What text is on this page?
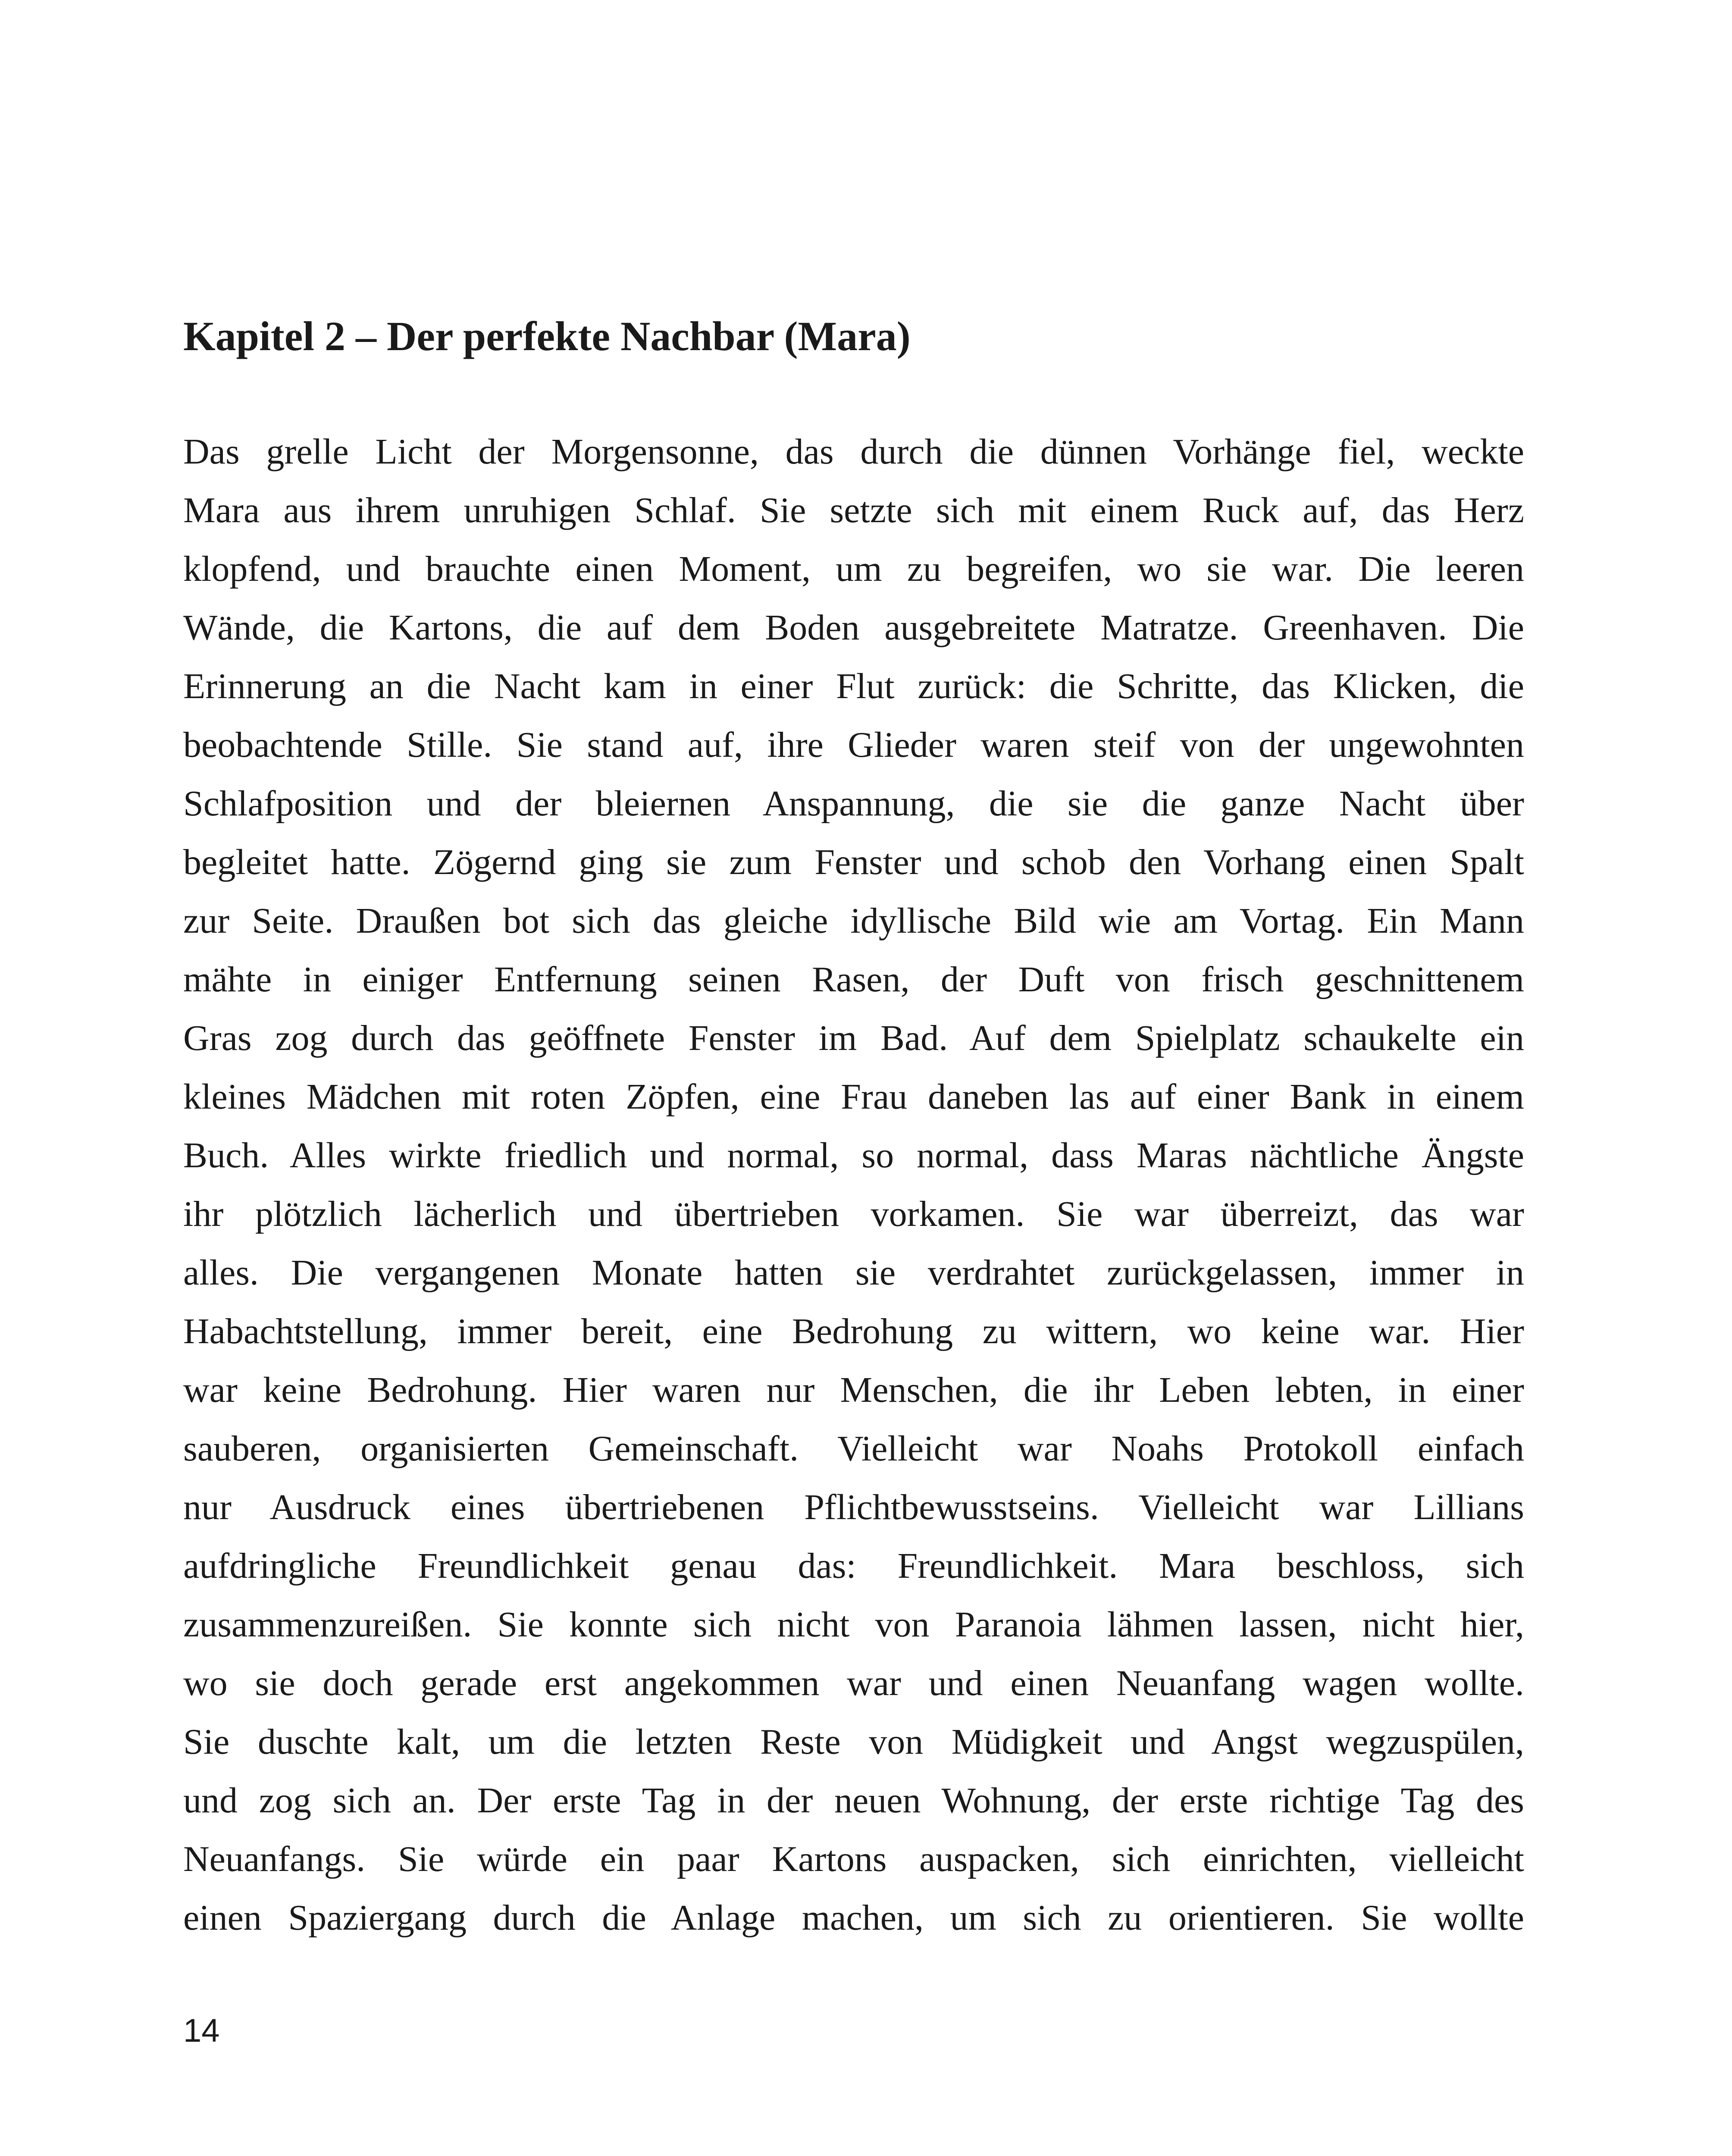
Kapitel 2 – Der perfekte Nachbar (Mara)
Das grelle Licht der Morgensonne, das durch die dünnen Vorhänge fiel, weckte
Mara aus ihrem unruhigen Schlaf. Sie setzte sich mit einem Ruck auf, das Herz
klopfend, und brauchte einen Moment, um zu begreifen, wo sie war. Die leeren
Wände, die Kartons, die auf dem Boden ausgebreitete Matratze. Greenhaven. Die
Erinnerung an die Nacht kam in einer Flut zurück: die Schritte, das Klicken, die
beobachtende Stille. Sie stand auf, ihre Glieder waren steif von der ungewohnten
Schlafposition und der bleiernen Anspannung, die sie die ganze Nacht über
begleitet hatte. Zögernd ging sie zum Fenster und schob den Vorhang einen Spalt
zur Seite. Draußen bot sich das gleiche idyllische Bild wie am Vortag. Ein Mann
mähte in einiger Entfernung seinen Rasen, der Duft von frisch geschnittenem
Gras zog durch das geöffnete Fenster im Bad. Auf dem Spielplatz schaukelte ein
kleines Mädchen mit roten Zöpfen, eine Frau daneben las auf einer Bank in einem
Buch. Alles wirkte friedlich und normal, so normal, dass Maras nächtliche Ängste
ihr plötzlich lächerlich und übertrieben vorkamen. Sie war überreizt, das war
alles. Die vergangenen Monate hatten sie verdrahtet zurückgelassen, immer in
Habachtstellung, immer bereit, eine Bedrohung zu wittern, wo keine war. Hier
war keine Bedrohung. Hier waren nur Menschen, die ihr Leben lebten, in einer
sauberen, organisierten Gemeinschaft. Vielleicht war Noahs Protokoll einfach
nur Ausdruck eines übertriebenen Pflichtbewusstseins. Vielleicht war Lillians
aufdringliche Freundlichkeit genau das: Freundlichkeit. Mara beschloss, sich
zusammenzureißen. Sie konnte sich nicht von Paranoia lähmen lassen, nicht hier,
wo sie doch gerade erst angekommen war und einen Neuanfang wagen wollte.
Sie duschte kalt, um die letzten Reste von Müdigkeit und Angst wegzuspülen,
und zog sich an. Der erste Tag in der neuen Wohnung, der erste richtige Tag des
Neuanfangs. Sie würde ein paar Kartons auspacken, sich einrichten, vielleicht
einen Spaziergang durch die Anlage machen, um sich zu orientieren. Sie wollte
14
